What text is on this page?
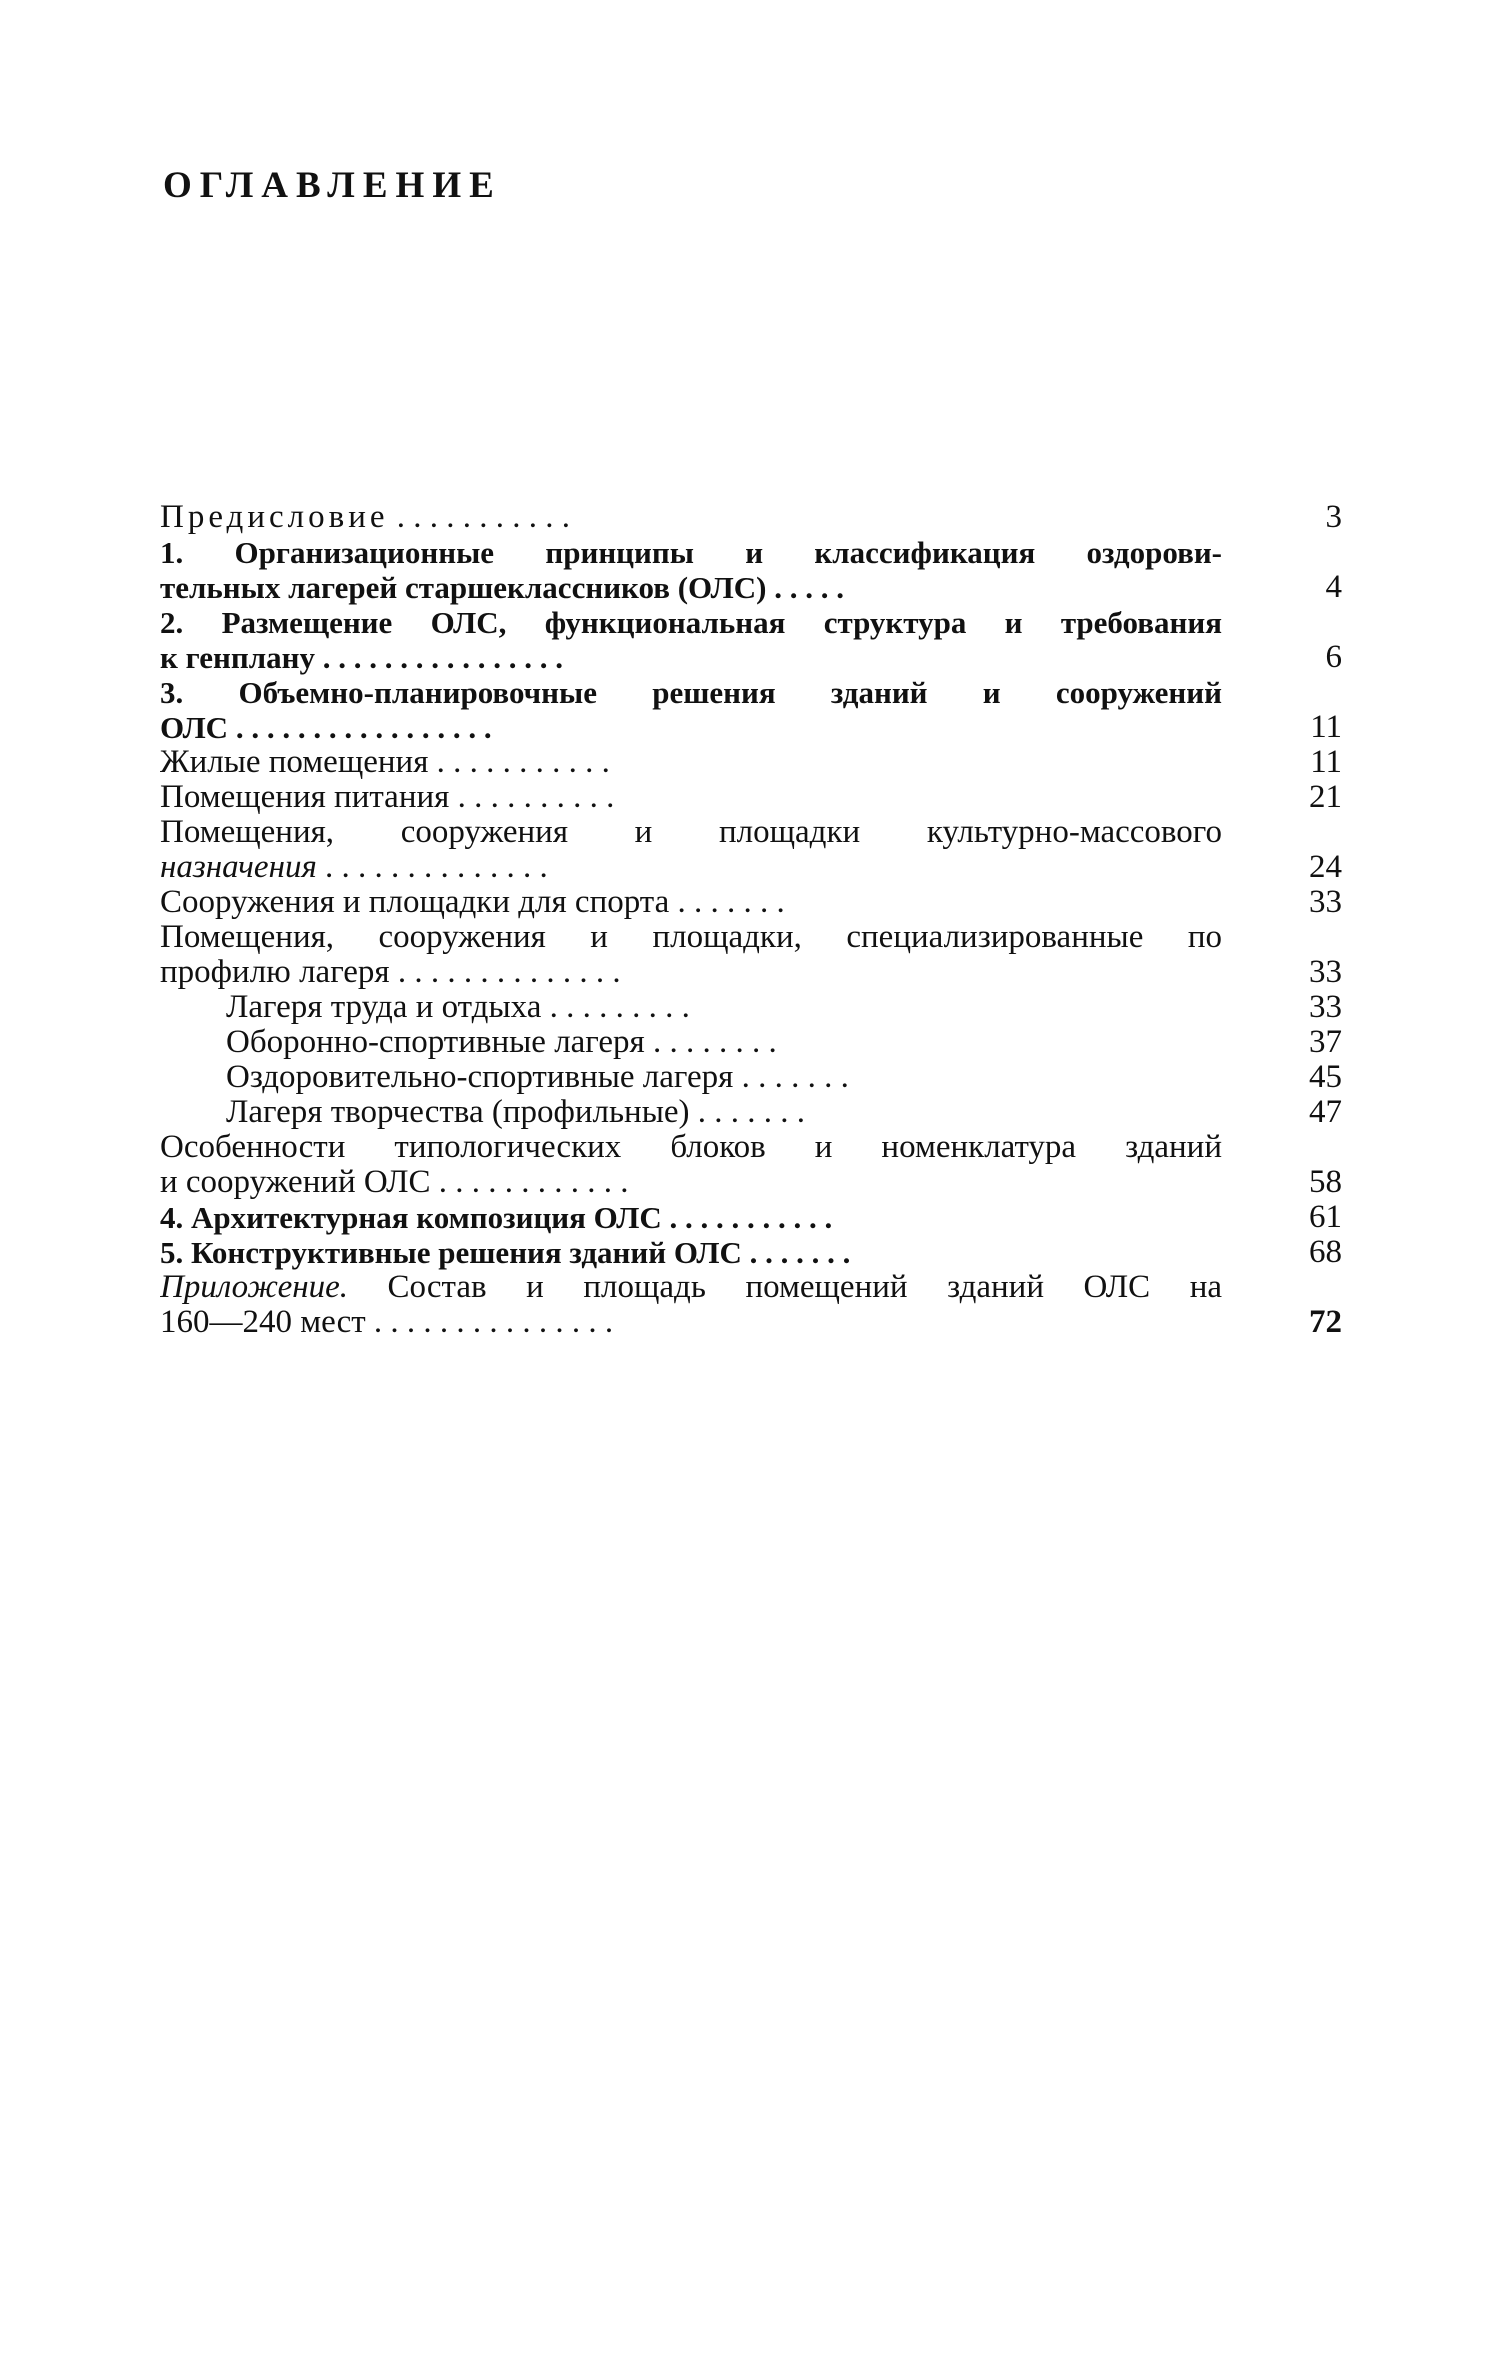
ОГЛАВЛЕНИЕ
Предисловие . . . . . . . . . . .	3
1. Организационные принципы и классификация оздорови-
тельных лагерей старшеклассников (ОЛС) . . . . .	4
2. Размещение ОЛС, функциональная структура и требования
к генплану . . . . . . . . . . . . . . . .	6
3. Объемно-планировочные решения зданий и сооружений
ОЛС . . . . . . . . . . . . . . . . .	11
Жилые помещения . . . . . . . . . . .	11
Помещения питания . . . . . . . . . .	21
Помещения, сооружения и площадки культурно-массового
назначения . . . . . . . . . . . . . .	24
Сооружения и площадки для спорта . . . . . . .	33
Помещения, сооружения и площадки, специализированные по
профилю лагеря . . . . . . . . . . . . . .	33
Лагеря труда и отдыха . . . . . . . . .	33
Оборонно-спортивные лагеря . . . . . . . .	37
Оздоровительно-спортивные лагеря . . . . . . .	45
Лагеря творчества (профильные) . . . . . . .	47
Особенности типологических блоков и номенклатура зданий
и сооружений ОЛС . . . . . . . . . . . .	58
4. Архитектурная композиция ОЛС . . . . . . . . . . .	61
5. Конструктивные решения зданий ОЛС . . . . . . .	68
Приложение. Состав и площадь помещений зданий ОЛС на
160—240 мест . . . . . . . . . . . . . . .	72
